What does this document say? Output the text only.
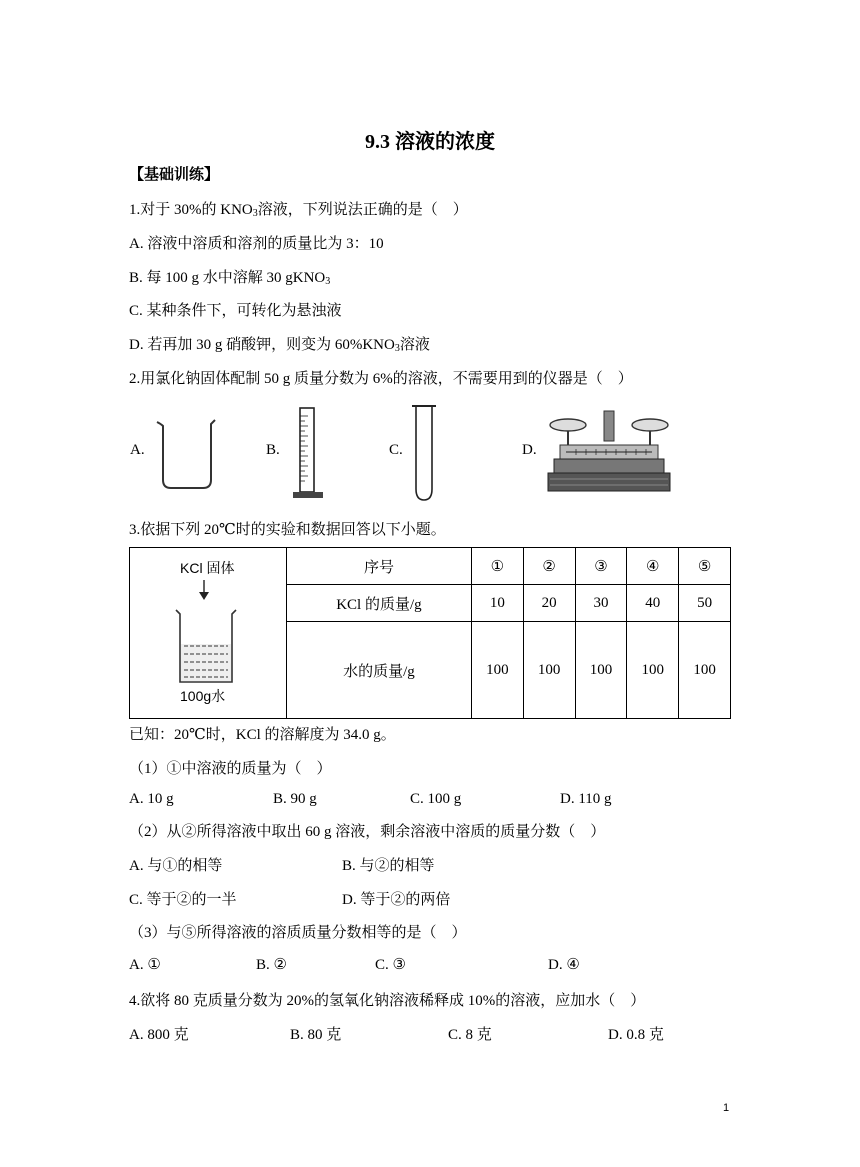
9.3 溶液的浓度
【基础训练】
1.对于 30%的 $KNO_3$溶液，下列说法正确的是（　）
A. 溶液中溶质和溶剂的质量比为 3：10
B. 每 100 g 水中溶解 30 gKNO$_3$
C. 某种条件下，可转化为悬浊液
D. 若再加 30 g 硝酸钾，则变为 $60\%KNO_3$溶液
2.用氯化钠固体配制 50 g 质量分数为 6%的溶液，不需要用到的仪器是（　）
A.	B.	C.	D.
3.依据下列 20℃时的实验和数据回答以下小题。
KCl 固体
100g水	序号	①	②	③	④	⑤
	KCl 的质量/g	10	20	30	40	50
	水的质量/g	100	100	100	100	100
已知：20℃时，KCl 的溶解度为 34.0 g。
（1）①中溶液的质量为（　）
A. 10 g	B. 90 g	C. 100 g	D. 110 g
（2）从②所得溶液中取出 60 g 溶液，剩余溶液中溶质的质量分数（　）
A. 与①的相等	B. 与②的相等
C. 等于②的一半	D. 等于②的两倍
（3）与⑤所得溶液的溶质质量分数相等的是（　）
A. ①	B. ②	C. ③	D. ④
4.欲将 80 克质量分数为 20%的氢氧化钠溶液稀释成 10%的溶液，应加水（　）
A. 800 克	B. 80 克	C. 8 克	D. 0.8 克
1
